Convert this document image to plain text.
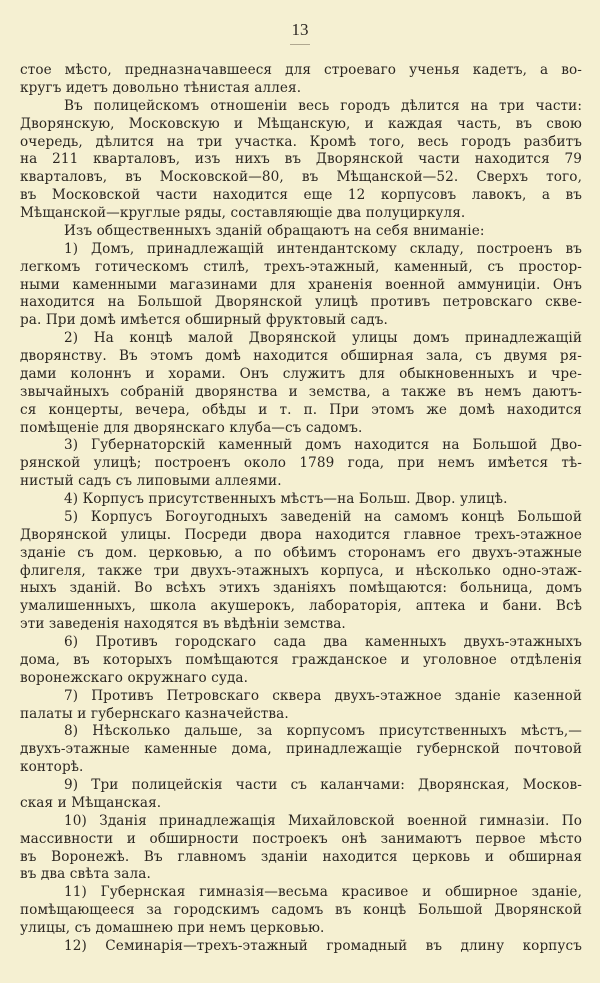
13
стое мѣсто, предназначавшееся для строеваго ученья кадетъ, а во-
кругъ идетъ довольно тѣнистая аллея.
Въ полицейскомъ отношеніи весь городъ дѣлится на три части:
Дворянскую, Московскую и Мѣщанскую, и каждая часть, въ свою
очередь, дѣлится на три участка. Кромѣ того, весь городъ разбитъ
на 211 кварталовъ, изъ нихъ въ Дворянской части находится 79
кварталовъ, въ Московской—80, въ Мѣщанской—52. Сверхъ того,
въ Московской части находится еще 12 корпусовъ лавокъ, а въ
Мѣщанской—круглые ряды, составляющіе два полуциркуля.
Изъ общественныхъ зданій обращаютъ на себя вниманіе:
1) Домъ, принадлежащій интендантскому складу, построенъ въ
легкомъ готическомъ стилѣ, трехъ-этажный, каменный, съ простор-
ными каменными магазинами для храненія военной аммуниціи. Онъ
находится на Большой Дворянской улицѣ противъ петровскаго скве-
ра. При домѣ имѣется обширный фруктовый садъ.
2) На концѣ малой Дворянской улицы домъ принадлежащій
дворянству. Въ этомъ домѣ находится обширная зала, съ двумя ря-
дами колоннъ и хорами. Онъ служитъ для обыкновенныхъ и чре-
звычайныхъ собраній дворянства и земства, а также въ немъ даютъ-
ся концерты, вечера, обѣды и т. п. При этомъ же домѣ находится
помѣщеніе для дворянскаго клуба—съ садомъ.
3) Губернаторскій каменный домъ находится на Большой Дво-
рянской улицѣ; построенъ около 1789 года, при немъ имѣется тѣ-
нистый садъ съ липовыми аллеями.
4) Корпусъ присутственныхъ мѣстъ—на Больш. Двор. улицѣ.
5) Корпусъ Богоугодныхъ заведеній на самомъ концѣ Большой
Дворянской улицы. Посреди двора находится главное трехъ-этажное
зданіе съ дом. церковью, а по обѣимъ сторонамъ его двухъ-этажные
флигеля, также три двухъ-этажныхъ корпуса, и нѣсколько одно-этаж-
ныхъ зданій. Во всѣхъ этихъ зданіяхъ помѣщаются: больница, домъ
умалишенныхъ, школа акушерокъ, лабораторія, аптека и бани. Всѣ
эти заведенія находятся въ вѣдѣніи земства.
6) Противъ городскаго сада два каменныхъ двухъ-этажныхъ
дома, въ которыхъ помѣщаются гражданское и уголовное отдѣленія
воронежскаго окружнаго суда.
7) Противъ Петровскаго сквера двухъ-этажное зданіе казенной
палаты и губернскаго казначейства.
8) Нѣсколько дальше, за корпусомъ присутственныхъ мѣстъ,—
двухъ-этажные каменные дома, принадлежащіе губернской почтовой
конторѣ.
9) Три полицейскія части съ каланчами: Дворянская, Москов-
ская и Мѣщанская.
10) Зданія принадлежащія Михайловской военной гимназіи. По
массивности и обширности построекъ онѣ занимаютъ первое мѣсто
въ Воронежѣ. Въ главномъ зданіи находится церковь и обширная
въ два свѣта зала.
11) Губернская гимназія—весьма красивое и обширное зданіе,
помѣщающееся за городскимъ садомъ въ концѣ Большой Дворянской
улицы, съ домашнею при немъ церковью.
12) Семинарія—трехъ-этажный громадный въ длину корпусъ
